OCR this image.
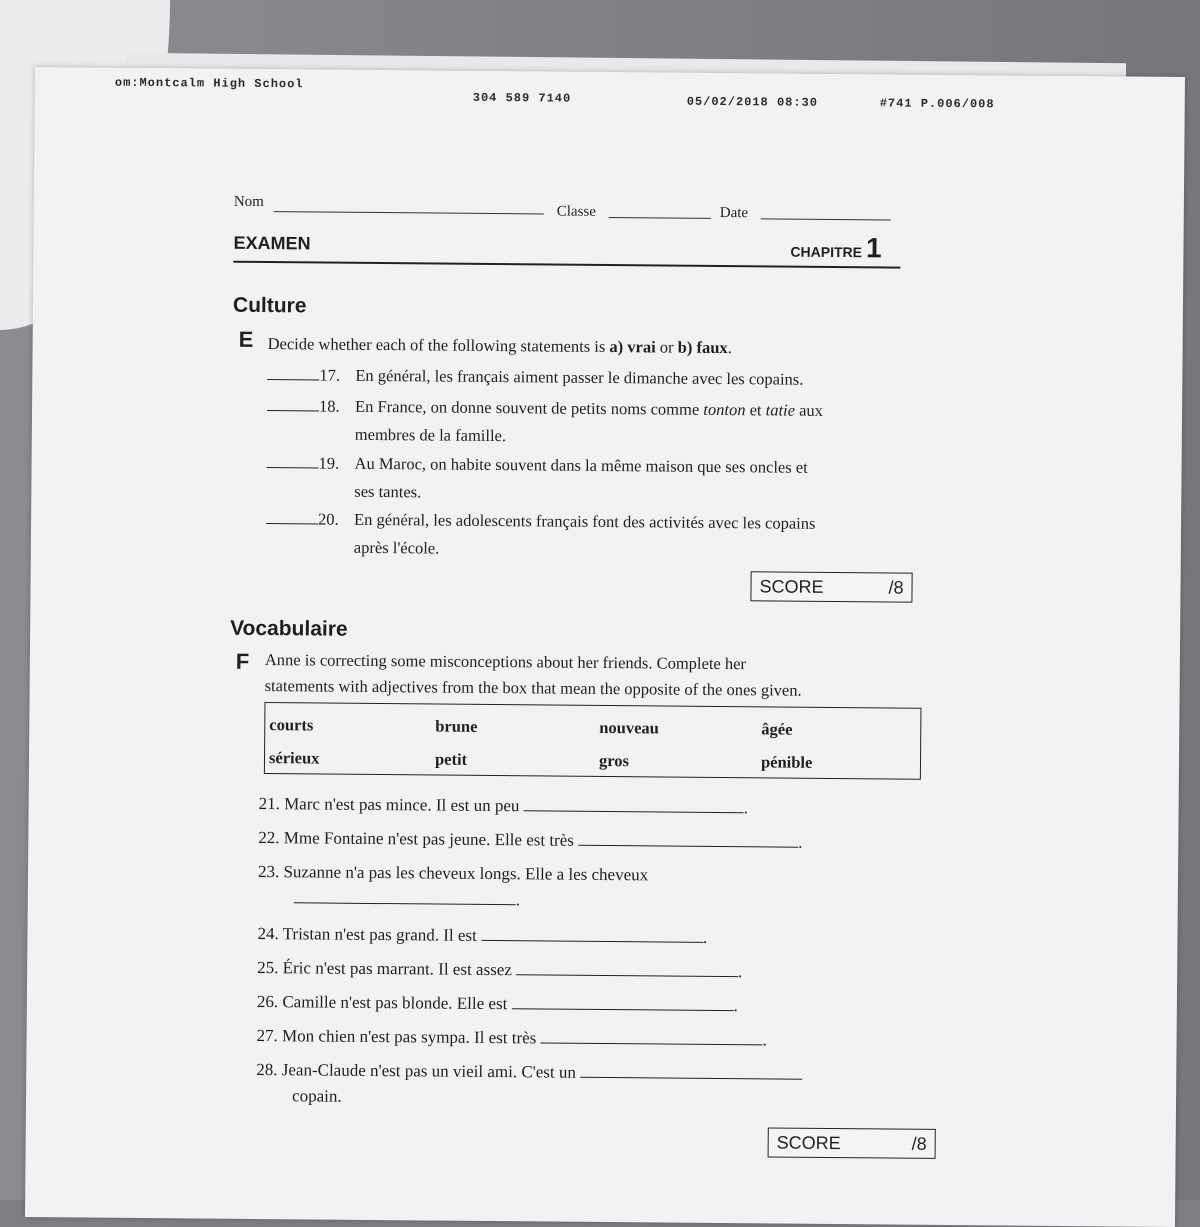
om:Montcalm High School
304 589 7140	05/02/2018 08:30	#741 P.006/008
Nom
Classe	Date
EXAMEN	CHAPITRE 1
Culture
E Decide whether each of the following statements is a) vrai or b) faux.
17. En général, les français aiment passer le dimanche avec les copains.
18. En France, on donne souvent de petits noms comme tonton et tatie aux
membres de la famille.
19. Au Maroc, on habite souvent dans la même maison que ses oncles et
ses tantes.
20. En général, les adolescents français font des activités avec les copains
après l'école.
SCORE	/8
Vocabulaire
F Anne is correcting some misconceptions about her friends. Complete her
statements with adjectives from the box that mean the opposite of the ones given.
courts	brune	nouveau	âgée
sérieux	petit	gros	pénible
21. Marc n'est pas mince. Il est un peu	.
22. Mme Fontaine n'est pas jeune. Elle est très	.
23. Suzanne n'a pas les cheveux longs. Elle a les cheveux
.
24. Tristan n'est pas grand. Il est	.
25. Éric n'est pas marrant. Il est assez	.
26. Camille n'est pas blonde. Elle est	.
27. Mon chien n'est pas sympa. Il est très	.
28. Jean-Claude n'est pas un vieil ami. C'est un
copain.
SCORE	/8
